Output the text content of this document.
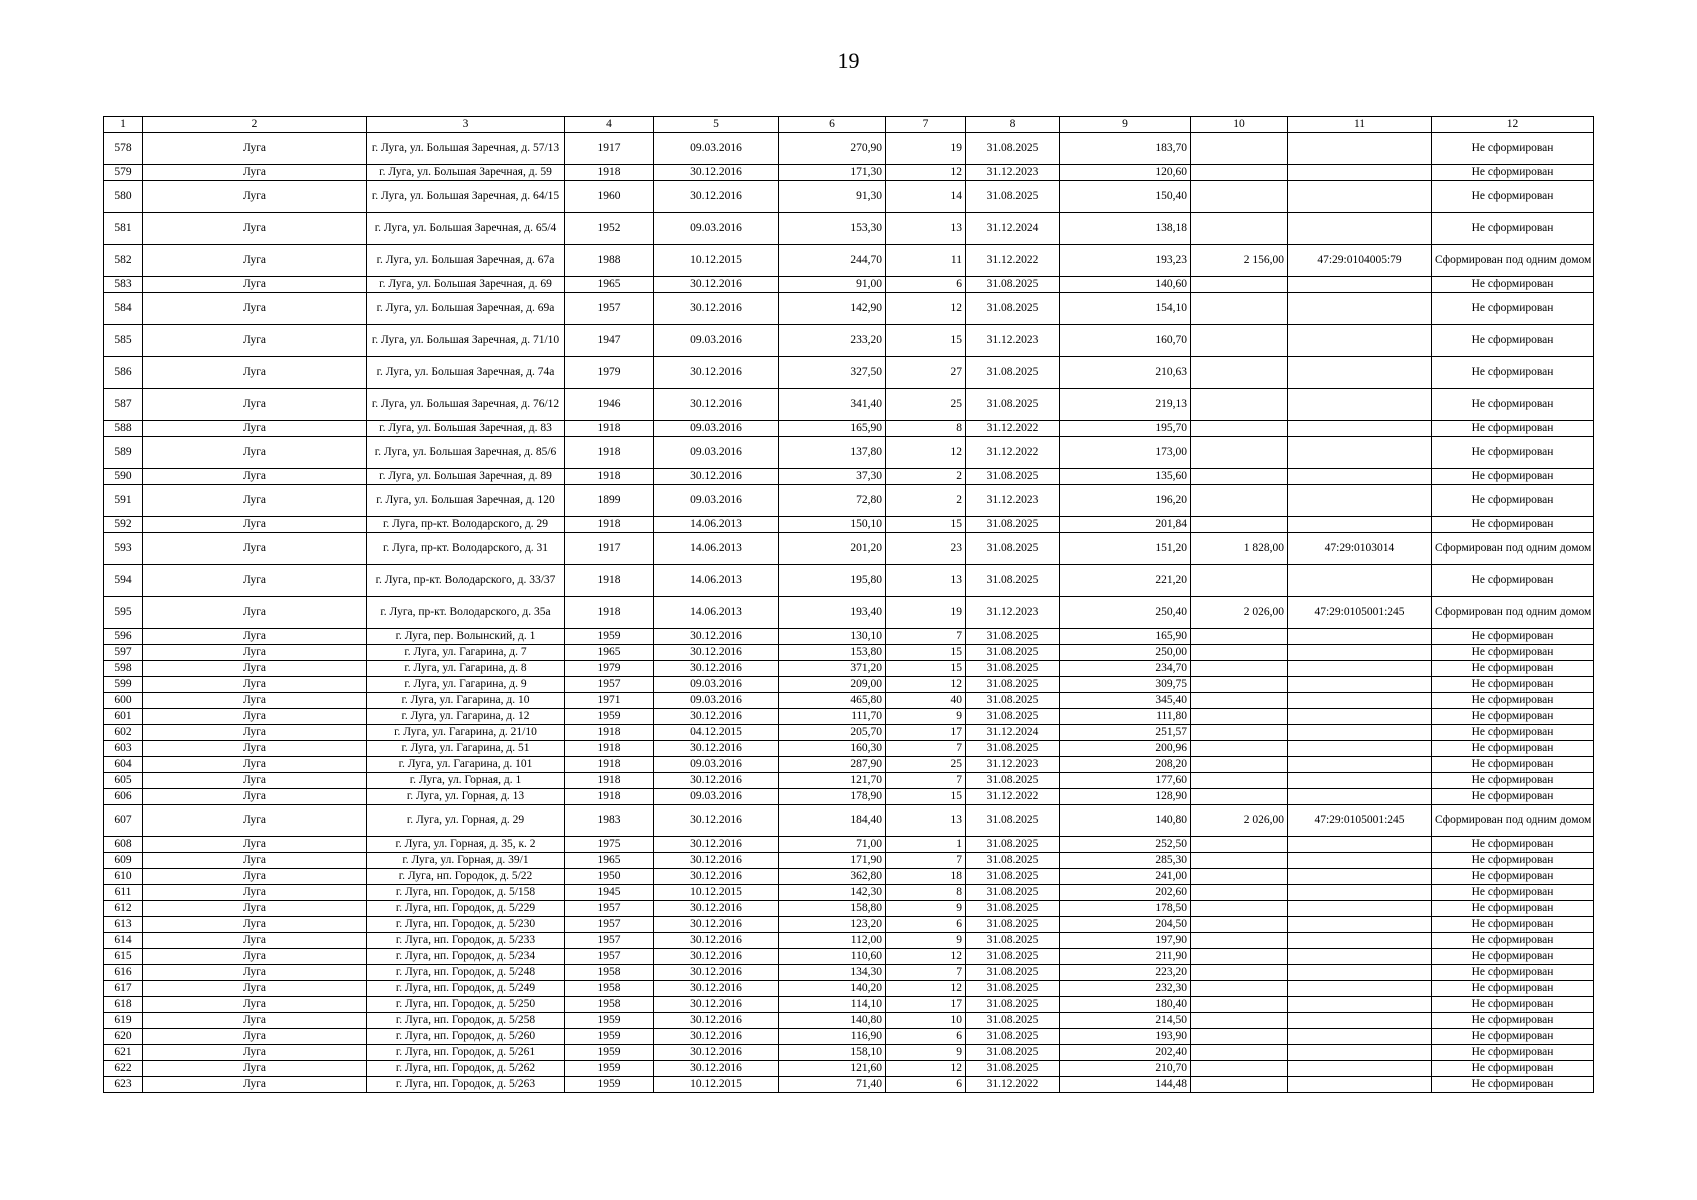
19
1	2	3	4	5	6	7	8	9	10	11	12
578	Луга	г. Луга, ул. Большая Заречная, д. 57/13	1917	09.03.2016	270,90	19	31.08.2025	183,70			Не сформирован
579	Луга	г. Луга, ул. Большая Заречная, д. 59	1918	30.12.2016	171,30	12	31.12.2023	120,60			Не сформирован
580	Луга	г. Луга, ул. Большая Заречная, д. 64/15	1960	30.12.2016	91,30	14	31.08.2025	150,40			Не сформирован
581	Луга	г. Луга, ул. Большая Заречная, д. 65/4	1952	09.03.2016	153,30	13	31.12.2024	138,18			Не сформирован
582	Луга	г. Луга, ул. Большая Заречная, д. 67а	1988	10.12.2015	244,70	11	31.12.2022	193,23	2 156,00	47:29:0104005:79	Сформирован под одним домом
583	Луга	г. Луга, ул. Большая Заречная, д. 69	1965	30.12.2016	91,00	6	31.08.2025	140,60			Не сформирован
584	Луга	г. Луга, ул. Большая Заречная, д. 69а	1957	30.12.2016	142,90	12	31.08.2025	154,10			Не сформирован
585	Луга	г. Луга, ул. Большая Заречная, д. 71/10	1947	09.03.2016	233,20	15	31.12.2023	160,70			Не сформирован
586	Луга	г. Луга, ул. Большая Заречная, д. 74а	1979	30.12.2016	327,50	27	31.08.2025	210,63			Не сформирован
587	Луга	г. Луга, ул. Большая Заречная, д. 76/12	1946	30.12.2016	341,40	25	31.08.2025	219,13			Не сформирован
588	Луга	г. Луга, ул. Большая Заречная, д. 83	1918	09.03.2016	165,90	8	31.12.2022	195,70			Не сформирован
589	Луга	г. Луга, ул. Большая Заречная, д. 85/6	1918	09.03.2016	137,80	12	31.12.2022	173,00			Не сформирован
590	Луга	г. Луга, ул. Большая Заречная, д. 89	1918	30.12.2016	37,30	2	31.08.2025	135,60			Не сформирован
591	Луга	г. Луга, ул. Большая Заречная, д. 120	1899	09.03.2016	72,80	2	31.12.2023	196,20			Не сформирован
592	Луга	г. Луга, пр-кт. Володарского, д. 29	1918	14.06.2013	150,10	15	31.08.2025	201,84			Не сформирован
593	Луга	г. Луга, пр-кт. Володарского, д. 31	1917	14.06.2013	201,20	23	31.08.2025	151,20	1 828,00	47:29:0103014	Сформирован под одним домом
594	Луга	г. Луга, пр-кт. Володарского, д. 33/37	1918	14.06.2013	195,80	13	31.08.2025	221,20			Не сформирован
595	Луга	г. Луга, пр-кт. Володарского, д. 35а	1918	14.06.2013	193,40	19	31.12.2023	250,40	2 026,00	47:29:0105001:245	Сформирован под одним домом
596	Луга	г. Луга, пер. Волынский, д. 1	1959	30.12.2016	130,10	7	31.08.2025	165,90			Не сформирован
597	Луга	г. Луга, ул. Гагарина, д. 7	1965	30.12.2016	153,80	15	31.08.2025	250,00			Не сформирован
598	Луга	г. Луга, ул. Гагарина, д. 8	1979	30.12.2016	371,20	15	31.08.2025	234,70			Не сформирован
599	Луга	г. Луга, ул. Гагарина, д. 9	1957	09.03.2016	209,00	12	31.08.2025	309,75			Не сформирован
600	Луга	г. Луга, ул. Гагарина, д. 10	1971	09.03.2016	465,80	40	31.08.2025	345,40			Не сформирован
601	Луга	г. Луга, ул. Гагарина, д. 12	1959	30.12.2016	111,70	9	31.08.2025	111,80			Не сформирован
602	Луга	г. Луга, ул. Гагарина, д. 21/10	1918	04.12.2015	205,70	17	31.12.2024	251,57			Не сформирован
603	Луга	г. Луга, ул. Гагарина, д. 51	1918	30.12.2016	160,30	7	31.08.2025	200,96			Не сформирован
604	Луга	г. Луга, ул. Гагарина, д. 101	1918	09.03.2016	287,90	25	31.12.2023	208,20			Не сформирован
605	Луга	г. Луга, ул. Горная, д. 1	1918	30.12.2016	121,70	7	31.08.2025	177,60			Не сформирован
606	Луга	г. Луга, ул. Горная, д. 13	1918	09.03.2016	178,90	15	31.12.2022	128,90			Не сформирован
607	Луга	г. Луга, ул. Горная, д. 29	1983	30.12.2016	184,40	13	31.08.2025	140,80	2 026,00	47:29:0105001:245	Сформирован под одним домом
608	Луга	г. Луга, ул. Горная, д. 35, к. 2	1975	30.12.2016	71,00	1	31.08.2025	252,50			Не сформирован
609	Луга	г. Луга, ул. Горная, д. 39/1	1965	30.12.2016	171,90	7	31.08.2025	285,30			Не сформирован
610	Луга	г. Луга, нп. Городок, д. 5/22	1950	30.12.2016	362,80	18	31.08.2025	241,00			Не сформирован
611	Луга	г. Луга, нп. Городок, д. 5/158	1945	10.12.2015	142,30	8	31.08.2025	202,60			Не сформирован
612	Луга	г. Луга, нп. Городок, д. 5/229	1957	30.12.2016	158,80	9	31.08.2025	178,50			Не сформирован
613	Луга	г. Луга, нп. Городок, д. 5/230	1957	30.12.2016	123,20	6	31.08.2025	204,50			Не сформирован
614	Луга	г. Луга, нп. Городок, д. 5/233	1957	30.12.2016	112,00	9	31.08.2025	197,90			Не сформирован
615	Луга	г. Луга, нп. Городок, д. 5/234	1957	30.12.2016	110,60	12	31.08.2025	211,90			Не сформирован
616	Луга	г. Луга, нп. Городок, д. 5/248	1958	30.12.2016	134,30	7	31.08.2025	223,20			Не сформирован
617	Луга	г. Луга, нп. Городок, д. 5/249	1958	30.12.2016	140,20	12	31.08.2025	232,30			Не сформирован
618	Луга	г. Луга, нп. Городок, д. 5/250	1958	30.12.2016	114,10	17	31.08.2025	180,40			Не сформирован
619	Луга	г. Луга, нп. Городок, д. 5/258	1959	30.12.2016	140,80	10	31.08.2025	214,50			Не сформирован
620	Луга	г. Луга, нп. Городок, д. 5/260	1959	30.12.2016	116,90	6	31.08.2025	193,90			Не сформирован
621	Луга	г. Луга, нп. Городок, д. 5/261	1959	30.12.2016	158,10	9	31.08.2025	202,40			Не сформирован
622	Луга	г. Луга, нп. Городок, д. 5/262	1959	30.12.2016	121,60	12	31.08.2025	210,70			Не сформирован
623	Луга	г. Луга, нп. Городок, д. 5/263	1959	10.12.2015	71,40	6	31.12.2022	144,48			Не сформирован
